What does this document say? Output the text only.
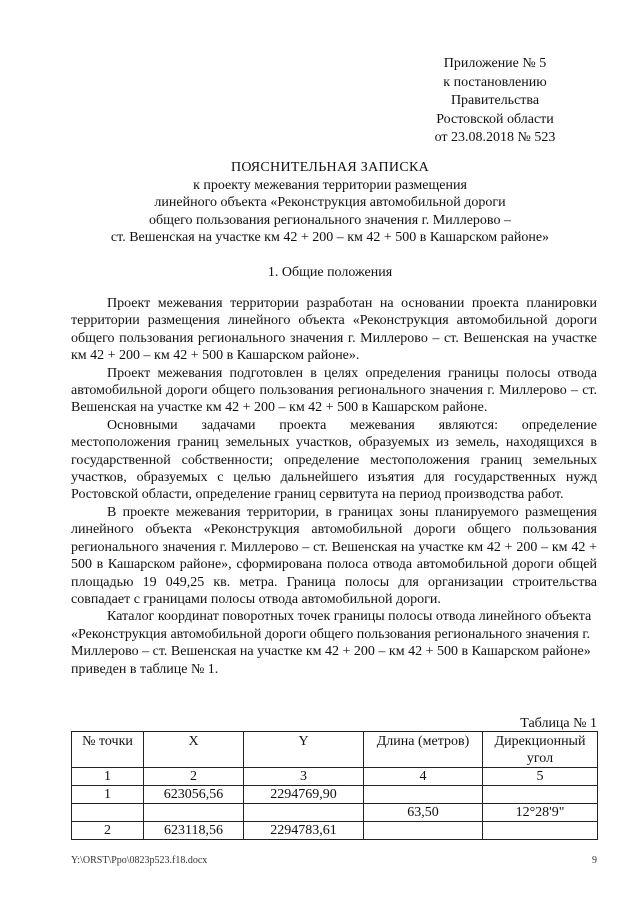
Приложение № 5
к постановлению
Правительства
Ростовской области
от 23.08.2018 № 523
ПОЯСНИТЕЛЬНАЯ ЗАПИСКА
к проекту межевания территории размещения
линейного объекта «Реконструкция автомобильной дороги
общего пользования регионального значения г. Миллерово –
ст. Вешенская на участке км 42 + 200 – км 42 + 500 в Кашарском районе»
1. Общие положения

Проект межевания территории разработан на основании проекта планировки территории размещения линейного объекта «Реконструкция автомобильной дороги общего пользования регионального значения г. Миллерово – ст. Вешенская на участке км 42 + 200 – км 42 + 500 в Кашарском районе».

Проект межевания подготовлен в целях определения границы полосы отвода автомобильной дороги общего пользования регионального значения г. Миллерово – ст. Вешенская на участке км 42 + 200 – км 42 + 500 в Кашарском районе.

Основными задачами проекта межевания являются: определение местоположения границ земельных участков, образуемых из земель, находящихся в государственной собственности; определение местоположения границ земельных участков, образуемых с целью дальнейшего изъятия для государственных нужд Ростовской области, определение границ сервитута на период производства работ.

В проекте межевания территории, в границах зоны планируемого размещения линейного объекта «Реконструкция автомобильной дороги общего пользования регионального значения г. Миллерово – ст. Вешенская на участке км 42 + 200 – км 42 + 500 в Кашарском районе», сформирована полоса отвода автомобильной дороги общей площадью 19 049,25 кв. метра. Граница полосы для организации строительства совпадает с границами полосы отвода автомобильной дороги.

Каталог координат поворотных точек границы полосы отвода линейного объекта «Реконструкция автомобильной дороги общего пользования регионального значения г. Миллерово – ст. Вешенская на участке км 42 + 200 – км 42 + 500 в Кашарском районе» приведен в таблице № 1.

Таблица № 1
№ точки	X	Y	Длина (метров)	Дирекционный угол
1	2	3	4	5
1	623056,56	2294769,90		
			63,50	12°28'9"
2	623118,56	2294783,61		
Y:\ORST\Ppo\0823p523.f18.docx	9
